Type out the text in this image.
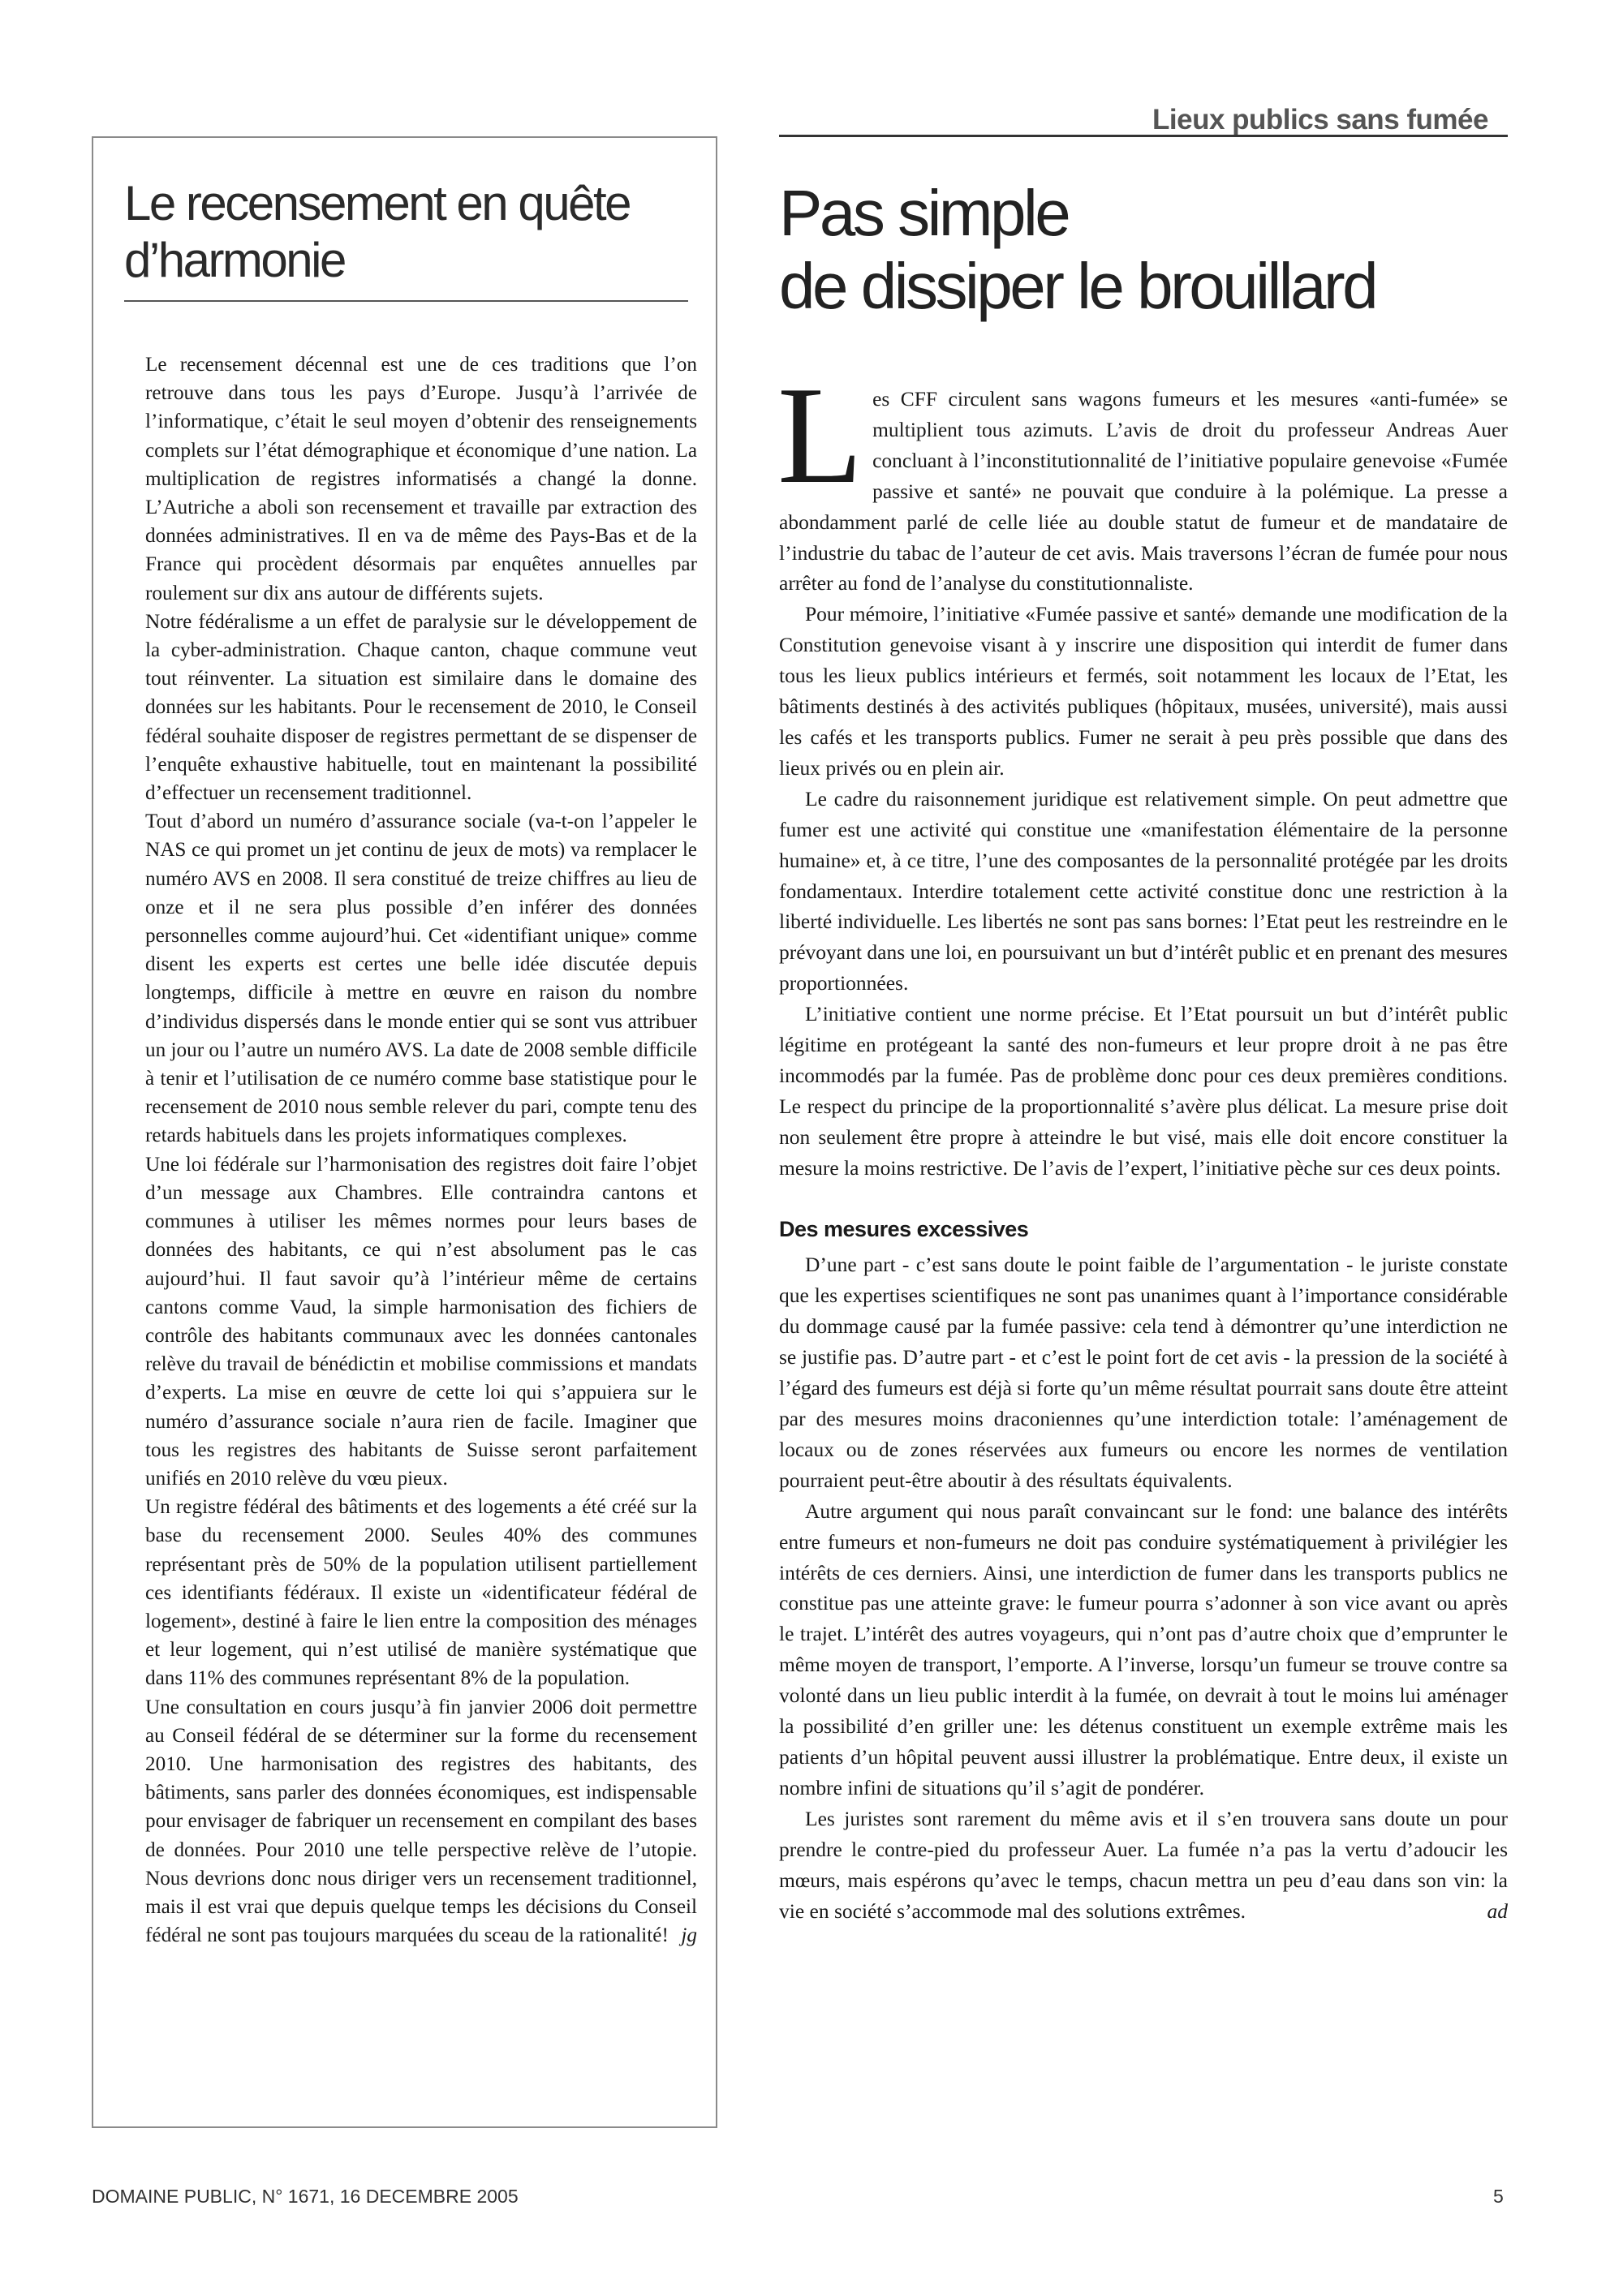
Le recensement en quête
d’harmonie

Le recensement décennal est une de ces traditions que l’on retrouve dans tous les pays d’Europe. Jusqu’à l’arrivée de l’informatique, c’était le seul moyen d’obtenir des renseignements complets sur l’état démographique et économique d’une nation. La multiplication de registres informatisés a changé la donne. L’Autriche a aboli son recensement et travaille par extraction des données administratives. Il en va de même des Pays-Bas et de la France qui procèdent désormais par enquêtes annuelles par roulement sur dix ans autour de différents sujets.

Notre fédéralisme a un effet de paralysie sur le développement de la cyber-administration. Chaque canton, chaque commune veut tout réinventer. La situation est similaire dans le domaine des données sur les habitants. Pour le recensement de 2010, le Conseil fédéral souhaite disposer de registres permettant de se dispenser de l’enquête exhaustive habituelle, tout en maintenant la possibilité d’effectuer un recensement traditionnel.

Tout d’abord un numéro d’assurance sociale (va-t-on l’appeler le NAS ce qui promet un jet continu de jeux de mots) va remplacer le numéro AVS en 2008. Il sera constitué de treize chiffres au lieu de onze et il ne sera plus possible d’en inférer des données personnelles comme aujourd’hui. Cet «identifiant unique» comme disent les experts est certes une belle idée discutée depuis longtemps, difficile à mettre en œuvre en raison du nombre d’individus dispersés dans le monde entier qui se sont vus attribuer un jour ou l’autre un numéro AVS. La date de 2008 semble difficile à tenir et l’utilisation de ce numéro comme base statistique pour le recensement de 2010 nous semble relever du pari, compte tenu des retards habituels dans les projets informatiques complexes.

Une loi fédérale sur l’harmonisation des registres doit faire l’objet d’un message aux Chambres. Elle contraindra cantons et communes à utiliser les mêmes normes pour leurs bases de données des habitants, ce qui n’est absolument pas le cas aujourd’hui. Il faut savoir qu’à l’intérieur même de certains cantons comme Vaud, la simple harmonisation des fichiers de contrôle des habitants communaux avec les données cantonales relève du travail de bénédictin et mobilise commissions et mandats d’experts. La mise en œuvre de cette loi qui s’appuiera sur le numéro d’assurance sociale n’aura rien de facile. Imaginer que tous les registres des habitants de Suisse seront parfaitement unifiés en 2010 relève du vœu pieux.

Un registre fédéral des bâtiments et des logements a été créé sur la base du recensement 2000. Seules 40% des communes représentant près de 50% de la population utilisent partiellement ces identifiants fédéraux. Il existe un «identificateur fédéral de logement», destiné à faire le lien entre la composition des ménages et leur logement, qui n’est utilisé de manière systématique que dans 11% des communes représentant 8% de la population.

Une consultation en cours jusqu’à fin janvier 2006 doit permettre au Conseil fédéral de se déterminer sur la forme du recensement 2010. Une harmonisation des registres des habitants, des bâtiments, sans parler des données économiques, est indispensable pour envisager de fabriquer un recensement en compilant des bases de données. Pour 2010 une telle perspective relève de l’utopie. Nous devrions donc nous diriger vers un recensement traditionnel, mais il est vrai que depuis quelque temps les décisions du Conseil fédéral ne sont pas toujours marquées du sceau de la rationalité! jg

Lieux publics sans fumée
Pas simple
de dissiper le brouillard

Les CFF circulent sans wagons fumeurs et les mesures «anti-fumée» se multiplient tous azimuts. L’avis de droit du professeur Andreas Auer concluant à l’inconstitutionnalité de l’initiative populaire genevoise «Fumée passive et santé» ne pouvait que conduire à la polémique. La presse a abondamment parlé de celle liée au double statut de fumeur et de mandataire de l’industrie du tabac de l’auteur de cet avis. Mais traversons l’écran de fumée pour nous arrêter au fond de l’analyse du constitutionnaliste.

Pour mémoire, l’initiative «Fumée passive et santé» demande une modification de la Constitution genevoise visant à y inscrire une disposition qui interdit de fumer dans tous les lieux publics intérieurs et fermés, soit notamment les locaux de l’Etat, les bâtiments destinés à des activités publiques (hôpitaux, musées, université), mais aussi les cafés et les transports publics. Fumer ne serait à peu près possible que dans des lieux privés ou en plein air.

Le cadre du raisonnement juridique est relativement simple. On peut admettre que fumer est une activité qui constitue une «manifestation élémentaire de la personne humaine» et, à ce titre, l’une des composantes de la personnalité protégée par les droits fondamentaux. Interdire totalement cette activité constitue donc une restriction à la liberté individuelle. Les libertés ne sont pas sans bornes: l’Etat peut les restreindre en le prévoyant dans une loi, en poursuivant un but d’intérêt public et en prenant des mesures proportionnées.

L’initiative contient une norme précise. Et l’Etat poursuit un but d’intérêt public légitime en protégeant la santé des non-fumeurs et leur propre droit à ne pas être incommodés par la fumée. Pas de problème donc pour ces deux premières conditions. Le respect du principe de la proportionnalité s’avère plus délicat. La mesure prise doit non seulement être propre à atteindre le but visé, mais elle doit encore constituer la mesure la moins restrictive. De l’avis de l’expert, l’initiative pèche sur ces deux points.

Des mesures excessives

D’une part - c’est sans doute le point faible de l’argumentation - le juriste constate que les expertises scientifiques ne sont pas unanimes quant à l’importance considérable du dommage causé par la fumée passive: cela tend à démontrer qu’une interdiction ne se justifie pas. D’autre part - et c’est le point fort de cet avis - la pression de la société à l’égard des fumeurs est déjà si forte qu’un même résultat pourrait sans doute être atteint par des mesures moins draconiennes qu’une interdiction totale: l’aménagement de locaux ou de zones réservées aux fumeurs ou encore les normes de ventilation pourraient peut-être aboutir à des résultats équivalents.

Autre argument qui nous paraît convaincant sur le fond: une balance des intérêts entre fumeurs et non-fumeurs ne doit pas conduire systématiquement à privilégier les intérêts de ces derniers. Ainsi, une interdiction de fumer dans les transports publics ne constitue pas une atteinte grave: le fumeur pourra s’adonner à son vice avant ou après le trajet. L’intérêt des autres voyageurs, qui n’ont pas d’autre choix que d’emprunter le même moyen de transport, l’emporte. A l’inverse, lorsqu’un fumeur se trouve contre sa volonté dans un lieu public interdit à la fumée, on devrait à tout le moins lui aménager la possibilité d’en griller une: les détenus constituent un exemple extrême mais les patients d’un hôpital peuvent aussi illustrer la problématique. Entre deux, il existe un nombre infini de situations qu’il s’agit de pondérer.

Les juristes sont rarement du même avis et il s’en trouvera sans doute un pour prendre le contre-pied du professeur Auer. La fumée n’a pas la vertu d’adoucir les mœurs, mais espérons qu’avec le temps, chacun mettra un peu d’eau dans son vin: la vie en société s’accommode mal des solutions extrêmes.	ad

DOMAINE PUBLIC, N° 1671, 16 DECEMBRE 2005	5
